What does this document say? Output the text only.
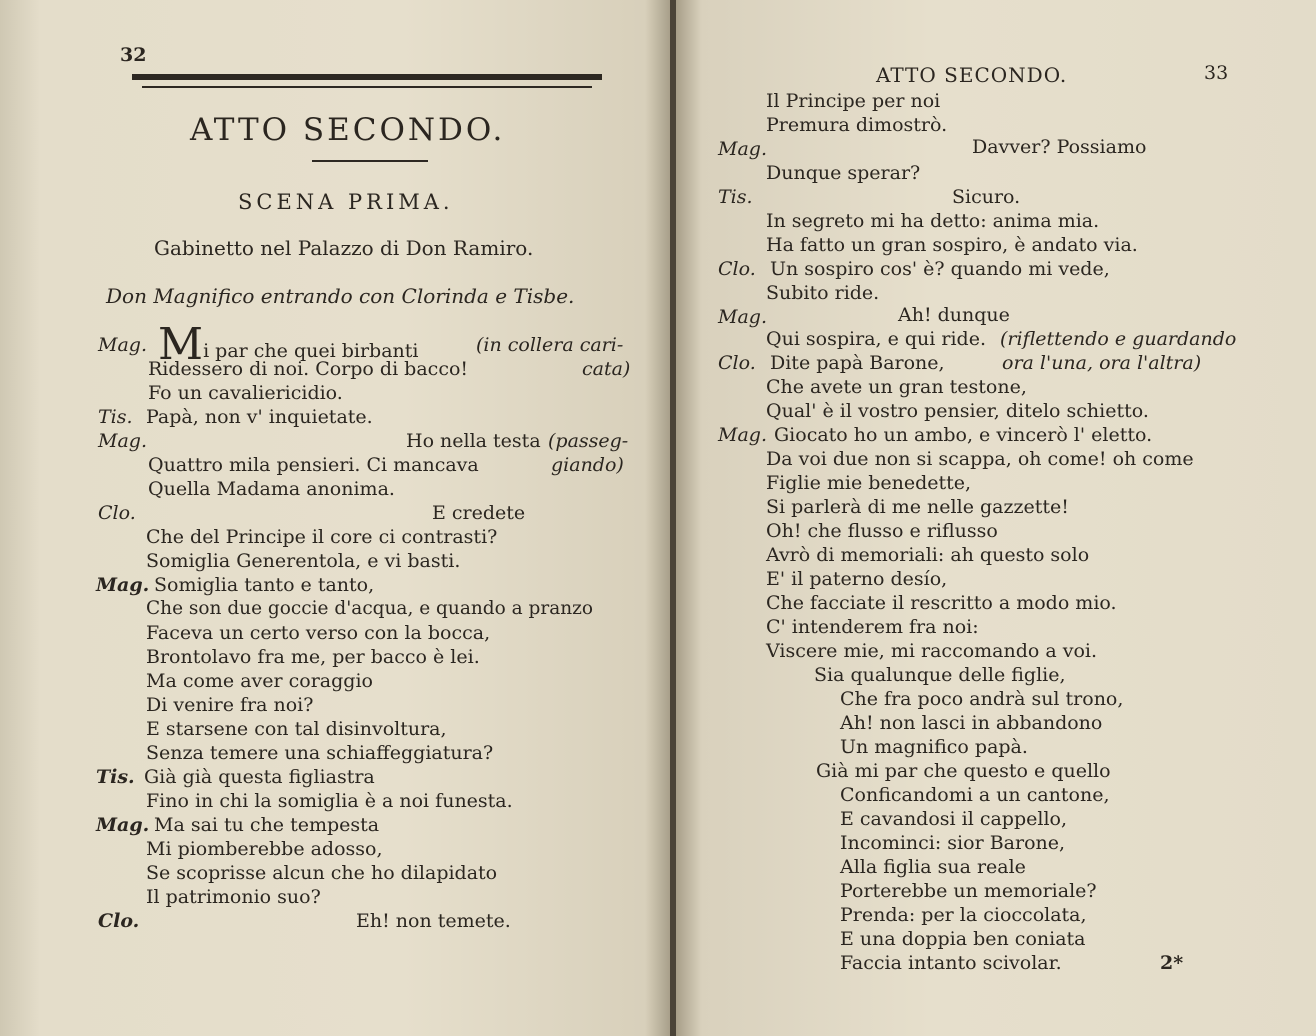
32
ATTO SECONDO.
SCENA PRIMA.
Gabinetto nel Palazzo di Don Ramiro.
Don Magnifico entrando con Clorinda e Tisbe.
Mag. Mi par che quei birbanti	(in collera cari-
Ridessero di noi. Corpo di bacco!	cata)
Fo un cavaliericidio.
Tis. Papà, non v' inquietate.
Mag.	Ho nella testa (passeg-
Quattro mila pensieri. Ci mancava	giando)
Quella Madama anonima.
Clo.	E credete
Che del Principe il core ci contrasti?
Somiglia Generentola, e vi basti.
Mag. Somiglia tanto e tanto,
Che son due goccie d'acqua, e quando a pranzo
Faceva un certo verso con la bocca,
Brontolavo fra me, per bacco è lei.
Ma come aver coraggio
Di venire fra noi?
E starsene con tal disinvoltura,
Senza temere una schiaffeggiatura?
Tis. Già già questa figliastra
Fino in chi la somiglia è a noi funesta.
Mag. Ma sai tu che tempesta
Mi piomberebbe adosso,
Se scoprisse alcun che ho dilapidato
Il patrimonio suo?
Clo.	Eh! non temete.
ATTO SECONDO.	33
Il Principe per noi
Premura dimostrò.
Mag.	Davver? Possiamo
Dunque sperar?
Tis.	Sicuro.
In segreto mi ha detto: anima mia.
Ha fatto un gran sospiro, è andato via.
Clo. Un sospiro cos' è? quando mi vede,
Subito ride.
Mag.	Ah! dunque
Qui sospira, e qui ride. (riflettendo e guardando
Clo. Dite papà Barone,	ora l'una, ora l'altra)
Che avete un gran testone,
Qual' è il vostro pensier, ditelo schietto.
Mag. Giocato ho un ambo, e vincerò l' eletto.
Da voi due non si scappa, oh come! oh come
Figlie mie benedette,
Si parlerà di me nelle gazzette!
Oh! che flusso e riflusso
Avrò di memoriali: ah questo solo
E' il paterno desío,
Che facciate il rescritto a modo mio.
C' intenderem fra noi:
Viscere mie, mi raccomando a voi.
Sia qualunque delle figlie,
Che fra poco andrà sul trono,
Ah! non lasci in abbandono
Un magnifico papà.
Già mi par che questo e quello
Conficandomi a un cantone,
E cavandosi il cappello,
Incominci: sior Barone,
Alla figlia sua reale
Porterebbe un memoriale?
Prenda: per la cioccolata,
E una doppia ben coniata
Faccia intanto scivolar.	2*
